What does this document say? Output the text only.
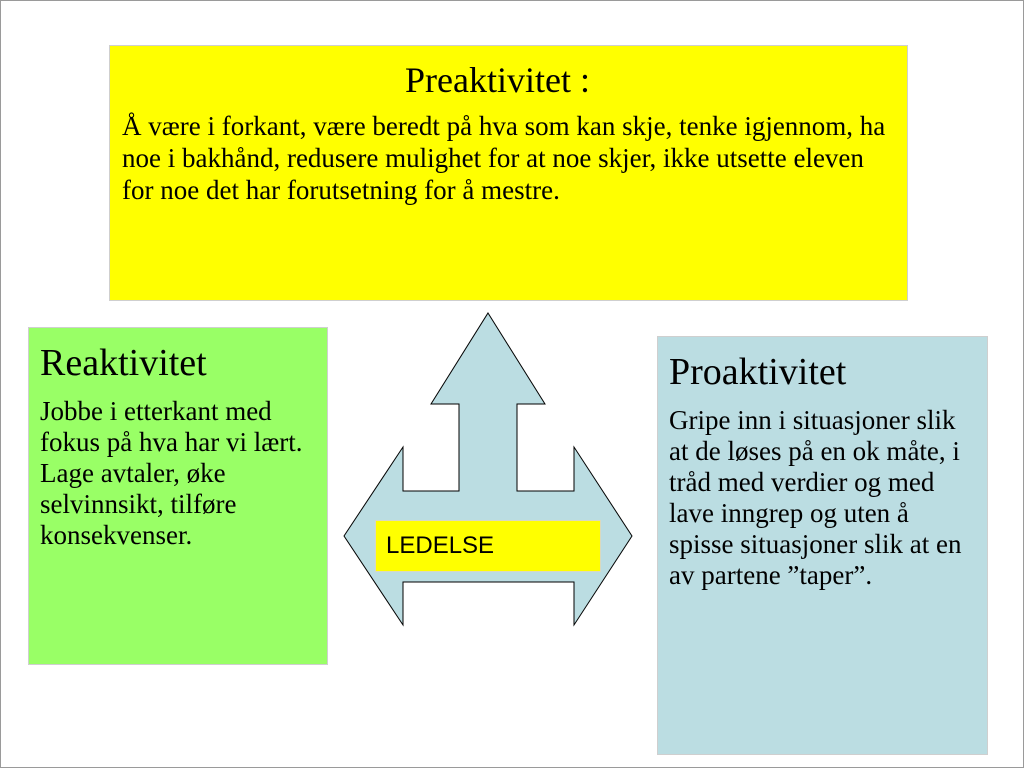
Preaktivitet :

Å være i forkant, være beredt på hva som kan skje, tenke igjennom, ha noe i bakhånd, redusere mulighet for at noe skjer, ikke utsette eleven for noe det har forutsetning for å mestre.

Reaktivitet

Jobbe i etterkant med fokus på hva har vi lært. Lage avtaler, øke selvinnsikt, tilføre konsekvenser.

Proaktivitet

Gripe inn i situasjoner slik at de løses på en ok måte, i tråd med verdier og med lave inngrep og uten å spisse situasjoner slik at en av partene ”taper”.

LEDELSE
